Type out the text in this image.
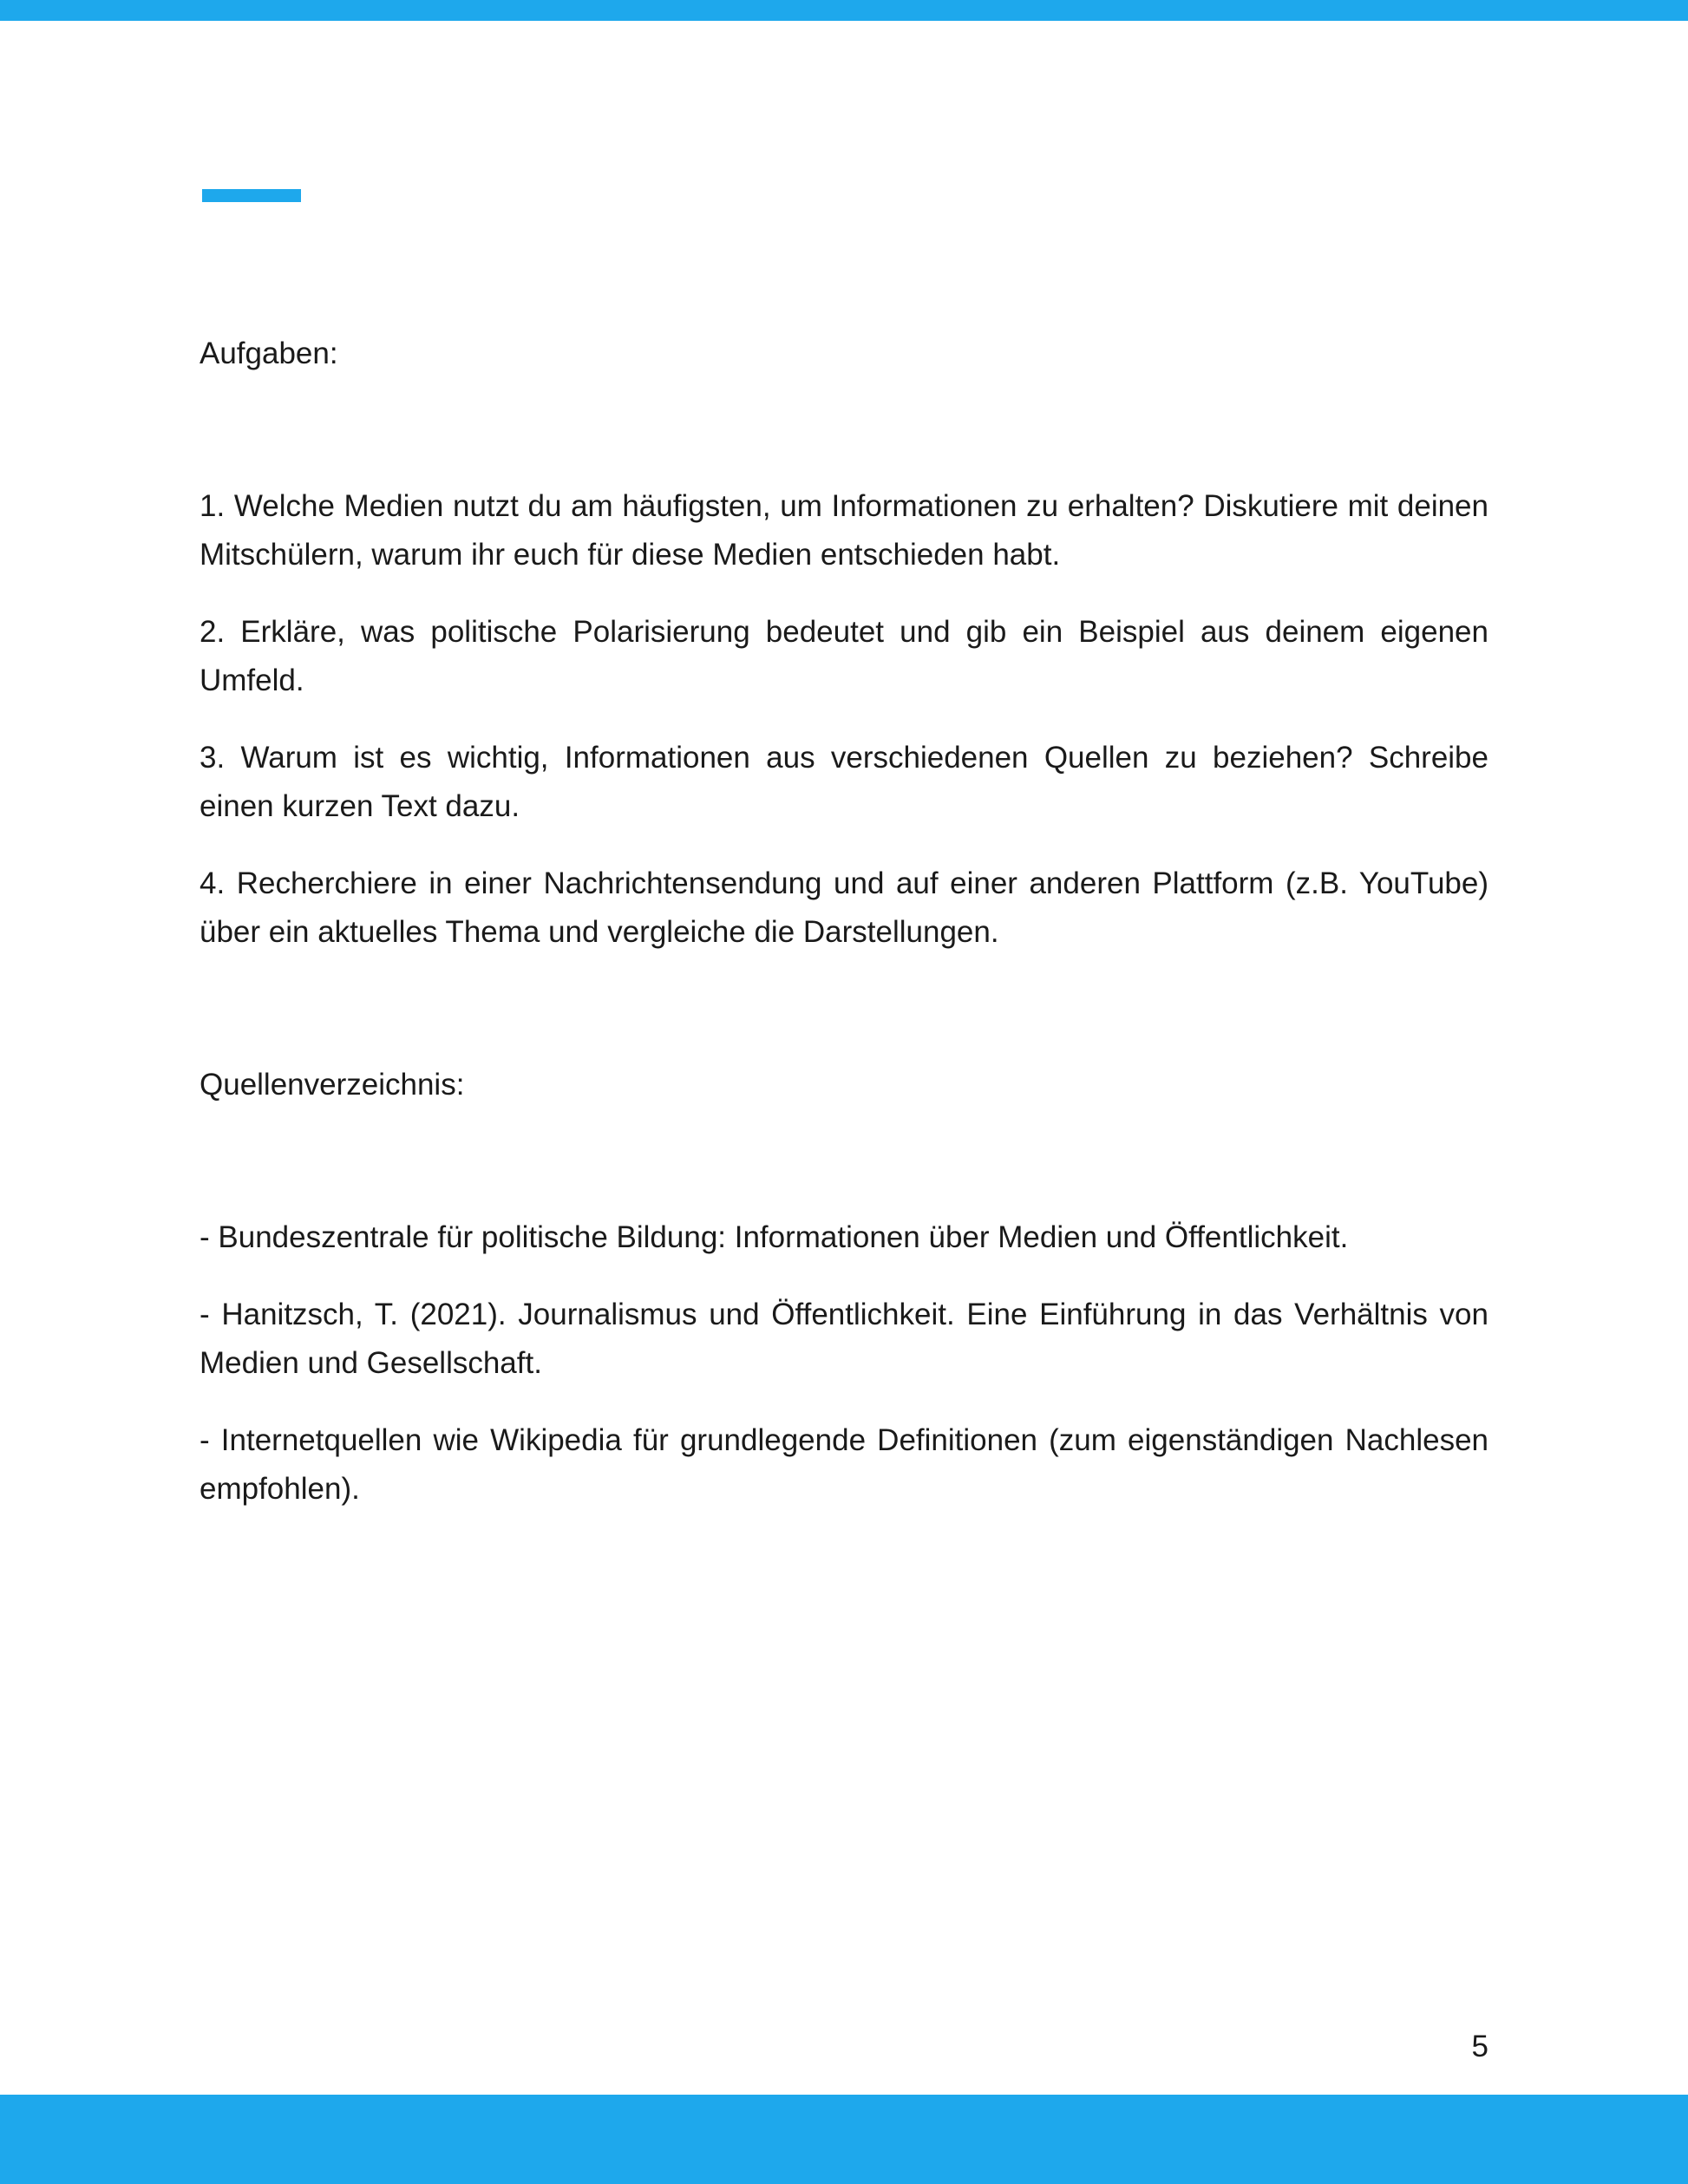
Aufgaben:
1. Welche Medien nutzt du am häufigsten, um Informationen zu erhalten? Diskutiere mit deinen Mitschülern, warum ihr euch für diese Medien entschieden habt.
2. Erkläre, was politische Polarisierung bedeutet und gib ein Beispiel aus deinem eigenen Umfeld.
3. Warum ist es wichtig, Informationen aus verschiedenen Quellen zu beziehen? Schreibe einen kurzen Text dazu.
4. Recherchiere in einer Nachrichtensendung und auf einer anderen Plattform (z.B. YouTube) über ein aktuelles Thema und vergleiche die Darstellungen.
Quellenverzeichnis:
- Bundeszentrale für politische Bildung: Informationen über Medien und Öffentlichkeit.
- Hanitzsch, T. (2021). Journalismus und Öffentlichkeit. Eine Einführung in das Verhältnis von Medien und Gesellschaft.
- Internetquellen wie Wikipedia für grundlegende Definitionen (zum eigenständigen Nachlesen empfohlen).
5
